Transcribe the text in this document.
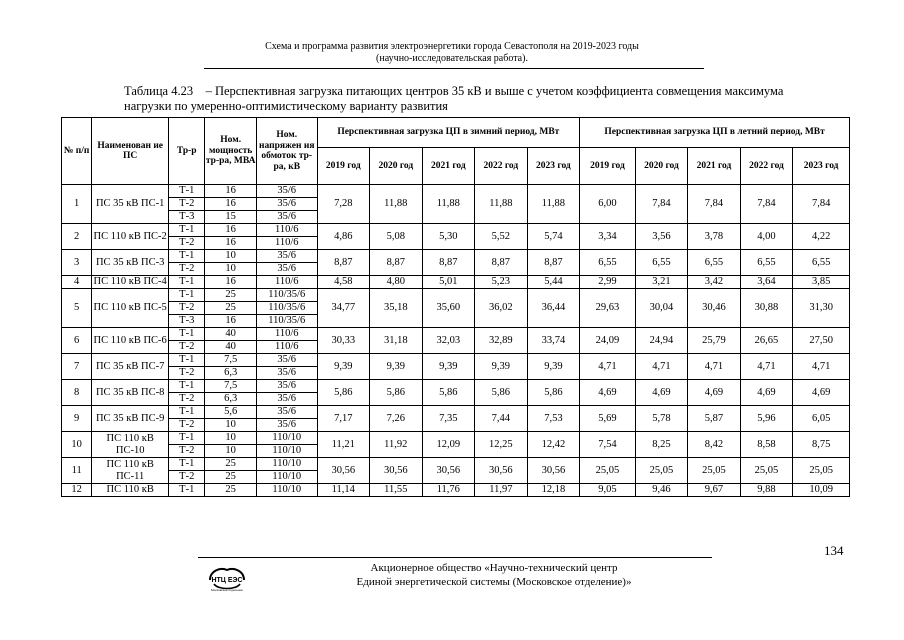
Схема и программа развития электроэнергетики города Севастополя на 2019-2023 годы
(научно-исследовательская работа).
Таблица 4.23 – Перспективная загрузка питающих центров 35 кВ и выше с учетом коэффициента совмещения максимума
нагрузки по умеренно-оптимистическому варианту развития
№ п/п	Наименован ие ПС	Тр-р	Ном. мощность тр-ра, МВА	Ном. напряжен ия обмоток тр-ра, кВ	Перспективная загрузка ЦП в зимний период, МВт					Перспективная загрузка ЦП в летний период, МВт				
					2019 год	2020 год	2021 год	2022 год	2023 год	2019 год	2020 год	2021 год	2022 год	2023 год
1	ПС 35 кВ ПС-1	Т-1	16	35/6	7,28	11,88	11,88	11,88	11,88	6,00	7,84	7,84	7,84	7,84
		Т-2	16	35/6										
		Т-3	15	35/6										
2	ПС 110 кВ ПС-2	Т-1	16	110/6	4,86	5,08	5,30	5,52	5,74	3,34	3,56	3,78	4,00	4,22
		Т-2	16	110/6										
3	ПС 35 кВ ПС-3	Т-1	10	35/6	8,87	8,87	8,87	8,87	8,87	6,55	6,55	6,55	6,55	6,55
		Т-2	10	35/6										
4	ПС 110 кВ ПС-4	Т-1	16	110/6	4,58	4,80	5,01	5,23	5,44	2,99	3,21	3,42	3,64	3,85
5	ПС 110 кВ ПС-5	Т-1	25	110/35/6	34,77	35,18	35,60	36,02	36,44	29,63	30,04	30,46	30,88	31,30
		Т-2	25	110/35/6										
		Т-3	16	110/35/6										
6	ПС 110 кВ ПС-6	Т-1	40	110/6	30,33	31,18	32,03	32,89	33,74	24,09	24,94	25,79	26,65	27,50
		Т-2	40	110/6										
7	ПС 35 кВ ПС-7	Т-1	7,5	35/6	9,39	9,39	9,39	9,39	9,39	4,71	4,71	4,71	4,71	4,71
		Т-2	6,3	35/6										
8	ПС 35 кВ ПС-8	Т-1	7,5	35/6	5,86	5,86	5,86	5,86	5,86	4,69	4,69	4,69	4,69	4,69
		Т-2	6,3	35/6										
9	ПС 35 кВ ПС-9	Т-1	5,6	35/6	7,17	7,26	7,35	7,44	7,53	5,69	5,78	5,87	5,96	6,05
		Т-2	10	35/6										
10	ПС 110 кВ ПС-10	Т-1	10	110/10	11,21	11,92	12,09	12,25	12,42	7,54	8,25	8,42	8,58	8,75
		Т-2	10	110/10										
11	ПС 110 кВ ПС-11	Т-1	25	110/10	30,56	30,56	30,56	30,56	30,56	25,05	25,05	25,05	25,05	25,05
		Т-2	25	110/10										
12	ПС 110 кВ	Т-1	25	110/10	11,14	11,55	11,76	11,97	12,18	9,05	9,46	9,67	9,88	10,09
134
НТЦ ЕЭС
Московское отделение
Акционерное общество «Научно-технический центр
Единой энергетической системы (Московское отделение)»
